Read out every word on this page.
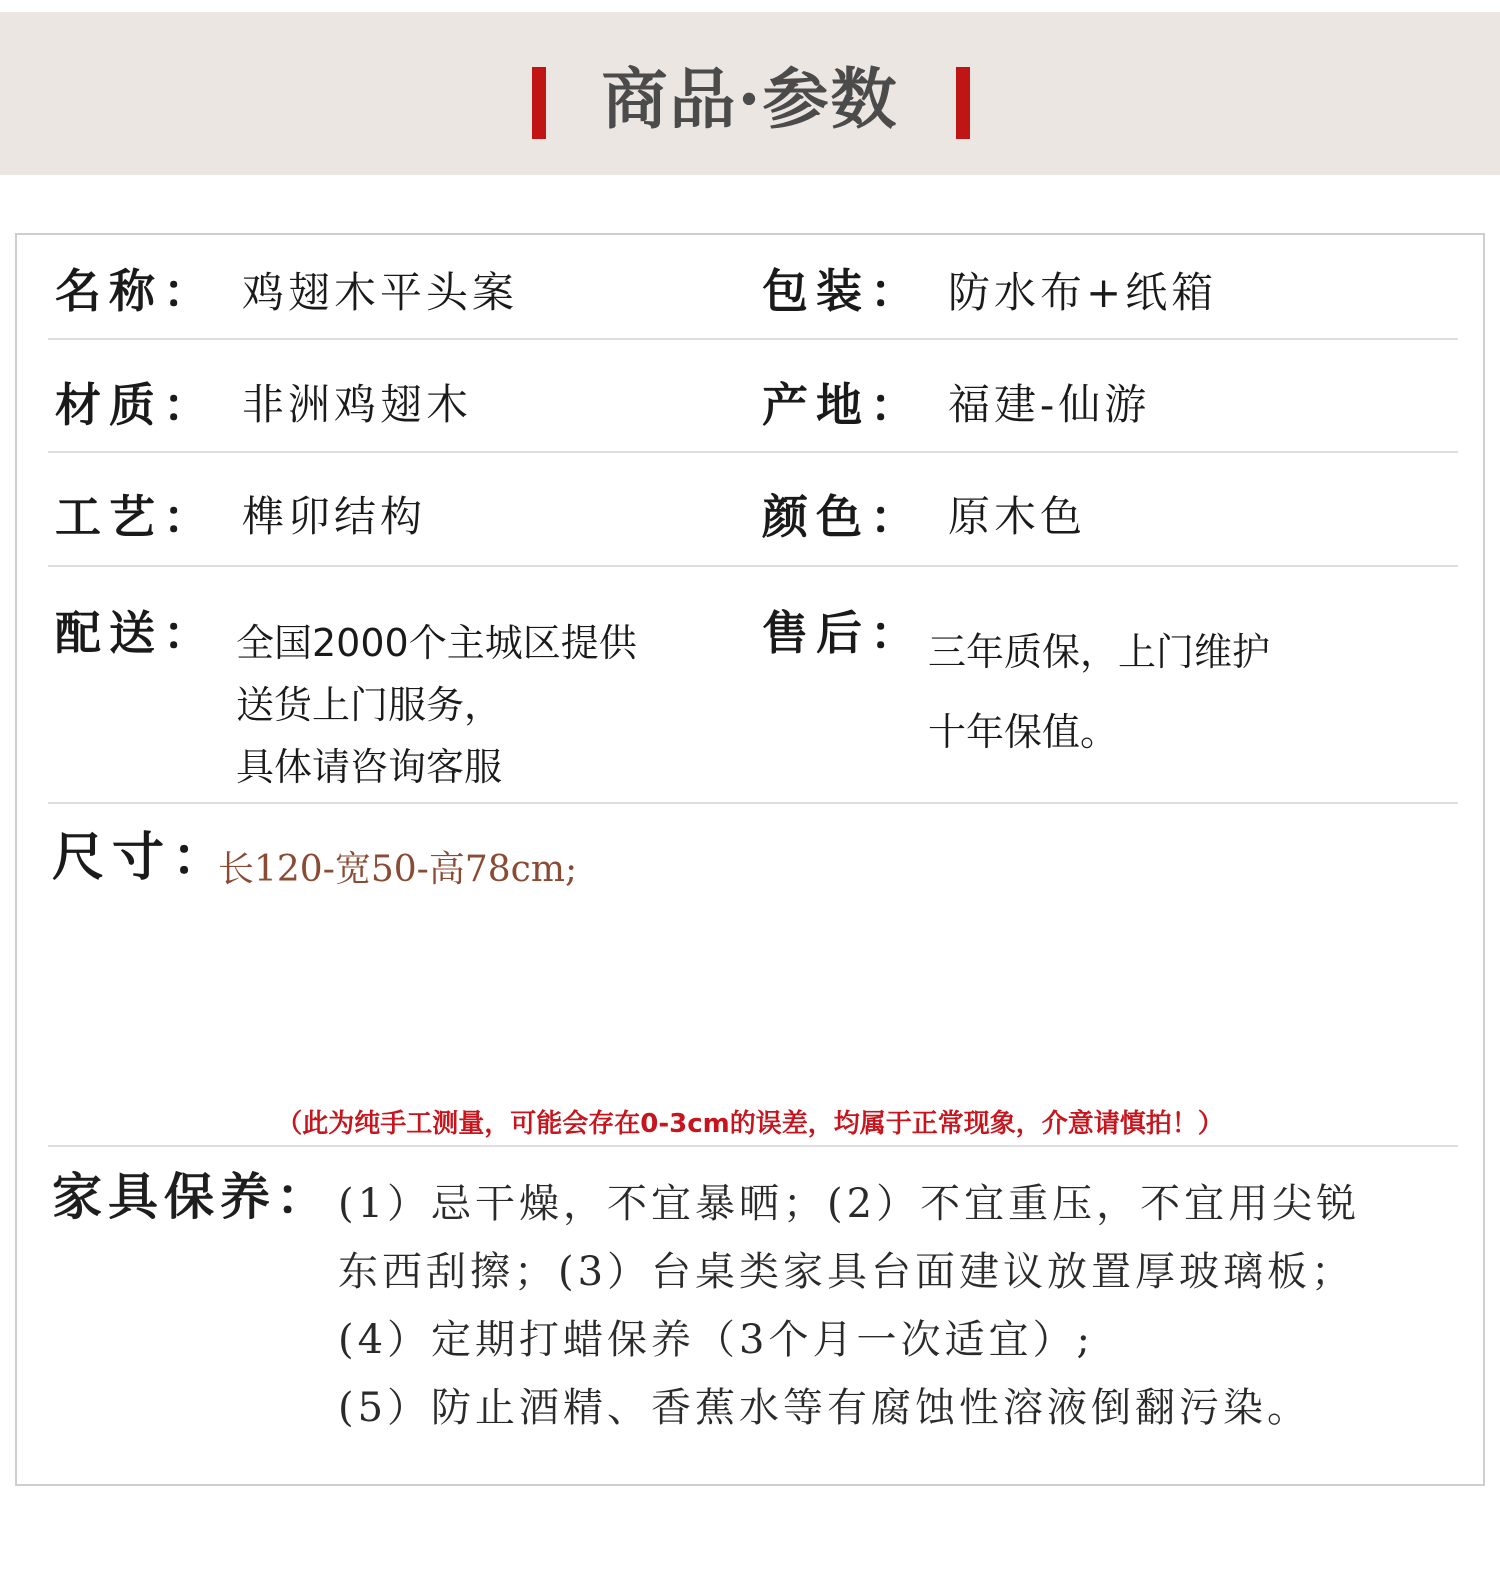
商品·参数
名称： 鸡翅木平头案	包装： 防水布+纸箱
材质： 非洲鸡翅木	产地： 福建-仙游
工艺： 榫卯结构	颜色： 原木色
配送： 全国2000个主城区提供
送货上门服务，
具体请咨询客服
售后： 三年质保，上门维护
十年保值。
尺寸：
长120-宽50-高78cm;
（此为纯手工测量，可能会存在0-3cm的误差，均属于正常现象，介意请慎拍！）
家具保养： (1）忌干燥，不宜暴晒；(2）不宜重压，不宜用尖锐
东西刮擦；(3）台桌类家具台面建议放置厚玻璃板；
(4）定期打蜡保养（3个月一次适宜）;
(5）防止酒精、香蕉水等有腐蚀性溶液倒翻污染。
